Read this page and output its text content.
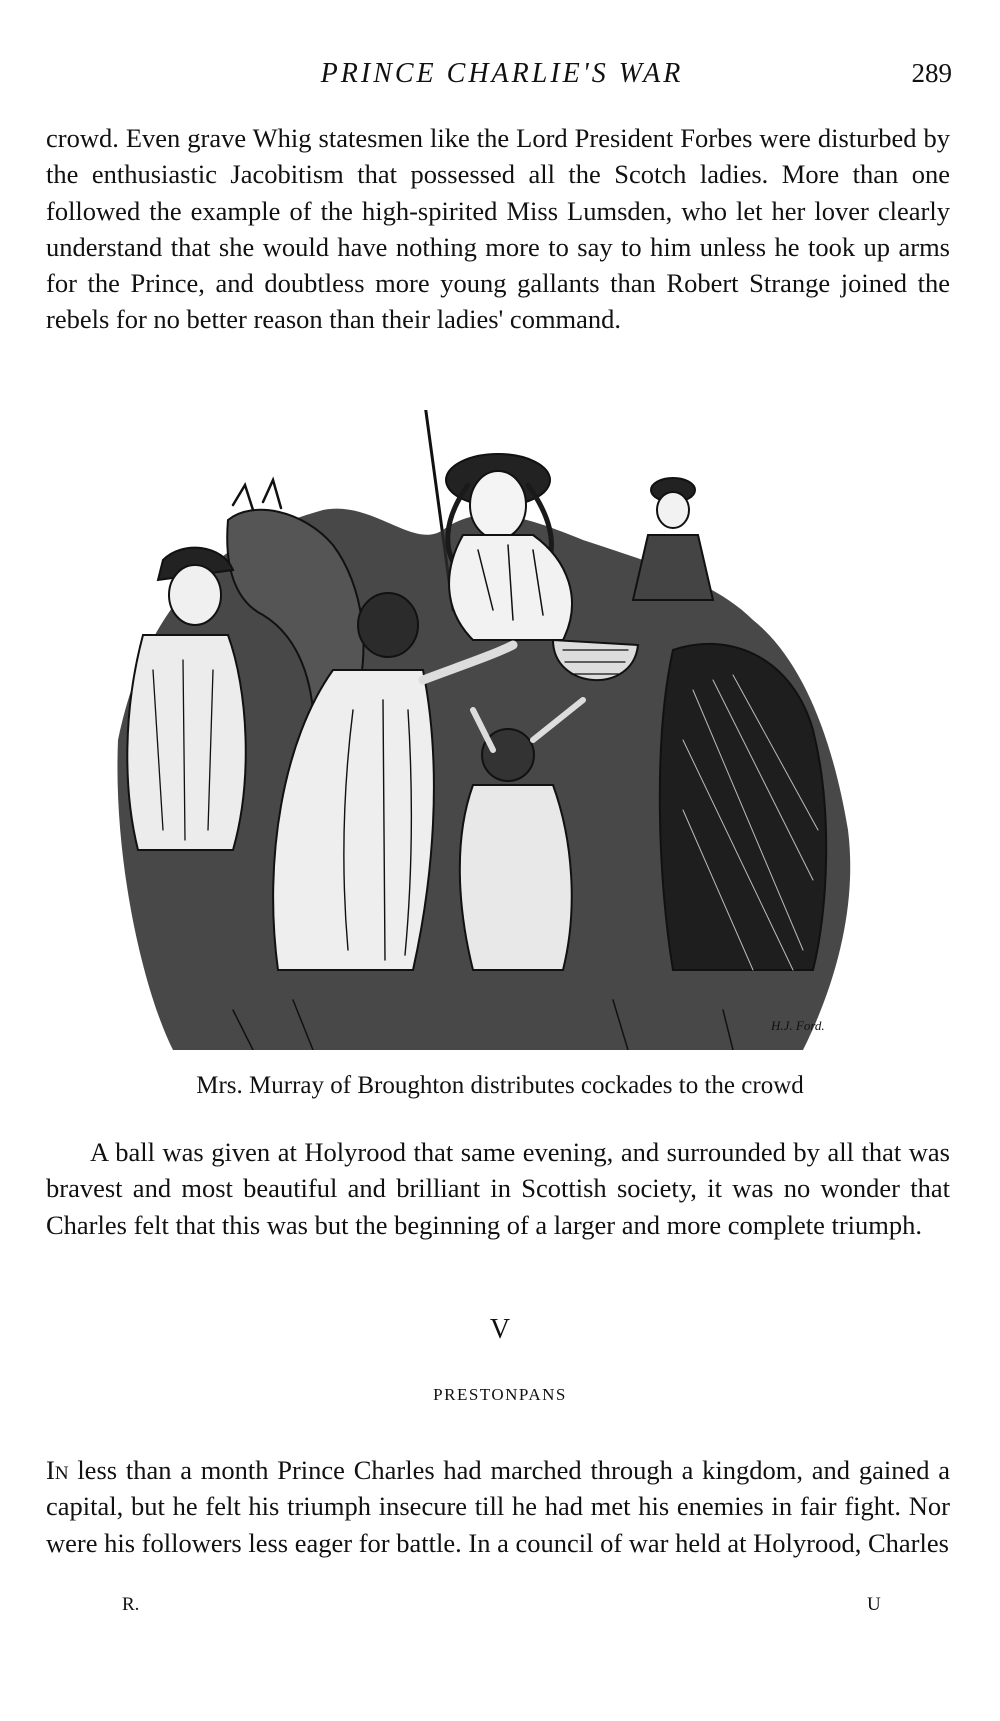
PRINCE CHARLIE'S WAR	289

crowd. Even grave Whig statesmen like the Lord President Forbes were disturbed by the enthusiastic Jacobitism that possessed all the Scotch ladies. More than one followed the example of the high-spirited Miss Lumsden, who let her lover clearly understand that she would have nothing more to say to him unless he took up arms for the Prince, and doubtless more young gallants than Robert Strange joined the rebels for no better reason than their ladies' command.

H.J. Ford.
Mrs. Murray of Broughton distributes cockades to the crowd

A ball was given at Holyrood that same evening, and surrounded by all that was bravest and most beautiful and brilliant in Scottish society, it was no wonder that Charles felt that this was but the beginning of a larger and more complete triumph.

V
PRESTONPANS

In less than a month Prince Charles had marched through a kingdom, and gained a capital, but he felt his triumph insecure till he had met his enemies in fair fight. Nor were his followers less eager for battle. In a council of war held at Holyrood, Charles

R.	U
